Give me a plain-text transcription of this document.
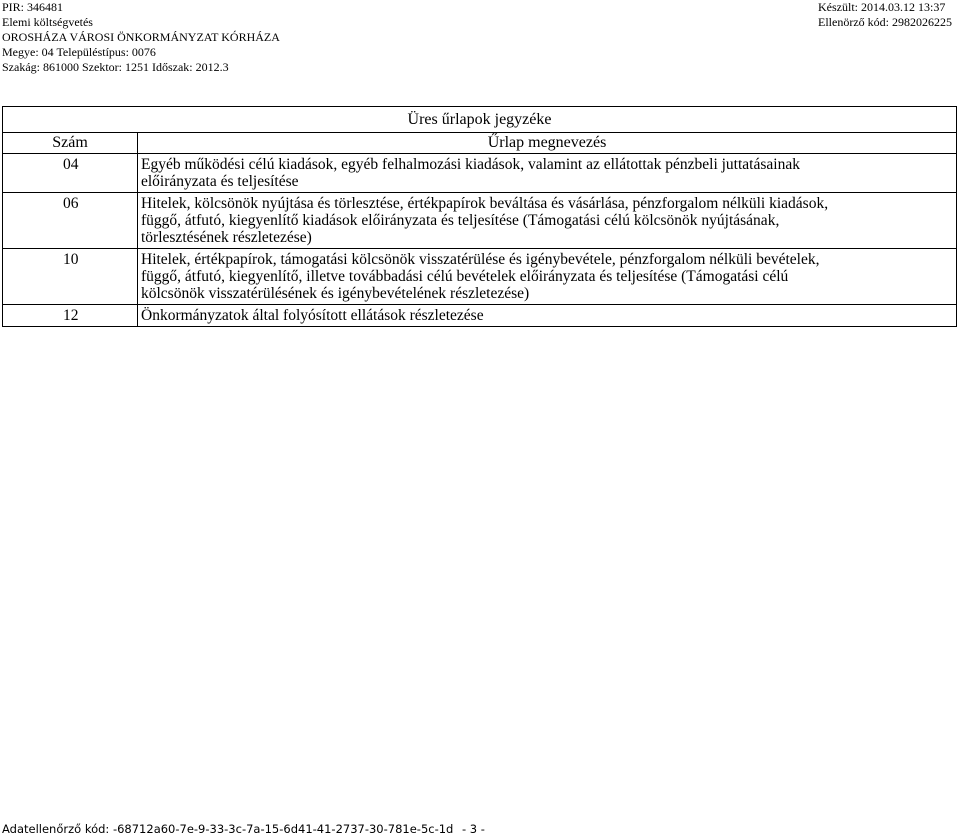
PIR: 346481
Elemi költségvetés
OROSHÁZA VÁROSI ÖNKORMÁNYZAT KÓRHÁZA
Megye: 04 Településtípus: 0076
Szakág: 861000 Szektor: 1251 Időszak: 2012.3
Készült: 2014.03.12 13:37
Ellenörző kód: 2982026225
Üres űrlapok jegyzéke	
Szám	Űrlap megnevezés
04	Egyéb működési célú kiadások, egyéb felhalmozási kiadások, valamint az ellátottak pénzbeli juttatásainak
előirányzata és teljesítése

06	Hitelek, kölcsönök nyújtása és törlesztése, értékpapírok beváltása és vásárlása, pénzforgalom nélküli kiadások,
függő, átfutó, kiegyenlítő kiadások előirányzata és teljesítése (Támogatási célú kölcsönök nyújtásának,
törlesztésének részletezése)

10	Hitelek, értékpapírok, támogatási kölcsönök visszatérülése és igénybevétele, pénzforgalom nélküli bevételek,
függő, átfutó, kiegyenlítő, illetve továbbadási célú bevételek előirányzata és teljesítése (Támogatási célú
kölcsönök visszatérülésének és igénybevételének részletezése)

12	Önkormányzatok által folyósított ellátások részletezése
Adatellenőrző kód: -68712a60-7e-9-33-3c-7a-15-6d41-41-2737-30-781e-5c-1d - 3 -
